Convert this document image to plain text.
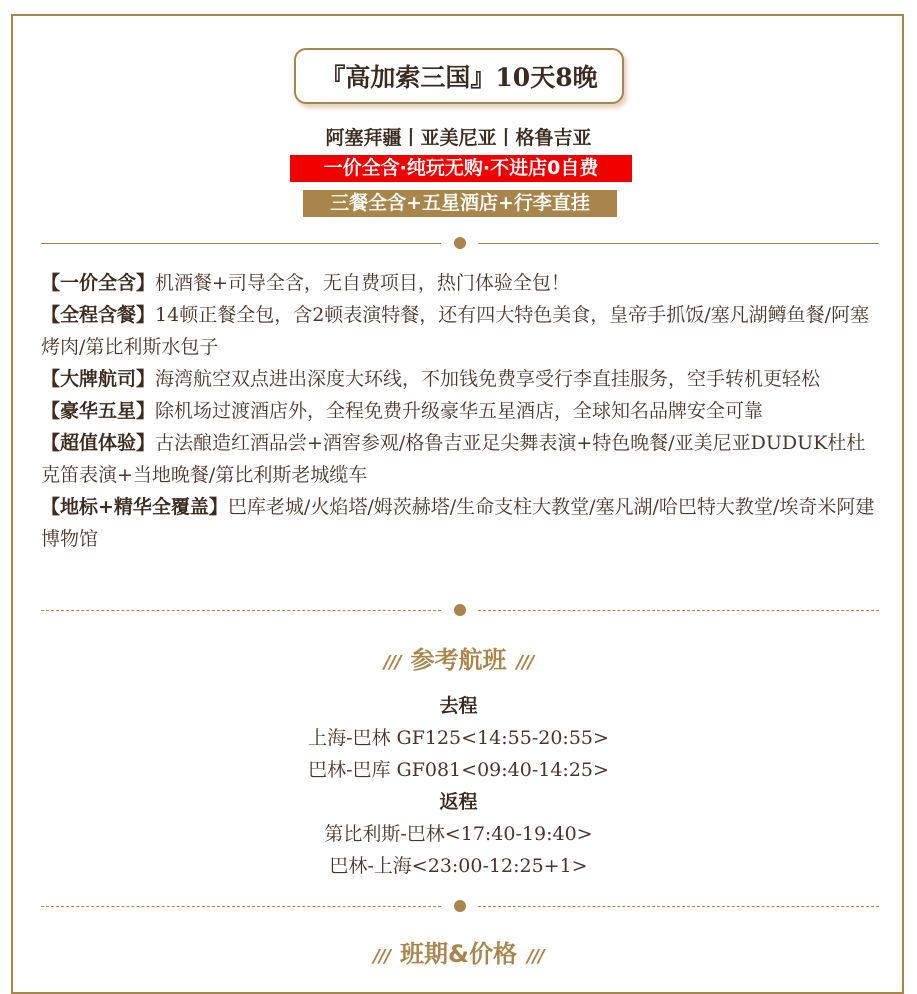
『高加索三国』10天8晚
阿塞拜疆丨亚美尼亚丨格鲁吉亚
一价全含·纯玩无购·不进店0自费
三餐全含+五星酒店+行李直挂

【一价全含】机酒餐+司导全含，无自费项目，热门体验全包！

【全程含餐】14顿正餐全包，含2顿表演特餐，还有四大特色美食，皇帝手抓饭/塞凡湖鳟鱼餐/阿塞烤肉/第比利斯水包子

【大牌航司】海湾航空双点进出深度大环线，不加钱免费享受行李直挂服务，空手转机更轻松

【豪华五星】除机场过渡酒店外，全程免费升级豪华五星酒店，全球知名品牌安全可靠

【超值体验】古法酿造红酒品尝+酒窖参观/格鲁吉亚足尖舞表演+特色晚餐/亚美尼亚DUDUK杜杜克笛表演+当地晚餐/第比利斯老城缆车

【地标+精华全覆盖】巴库老城/火焰塔/姆茨赫塔/生命支柱大教堂/塞凡湖/哈巴特大教堂/埃奇米阿建博物馆

/// 参考航班 ///
去程
上海-巴林 GF125<14:55-20:55>
巴林-巴库 GF081<09:40-14:25>
返程
第比利斯-巴林<17:40-19:40>
巴林-上海<23:00-12:25+1>
/// 班期&价格 ///
